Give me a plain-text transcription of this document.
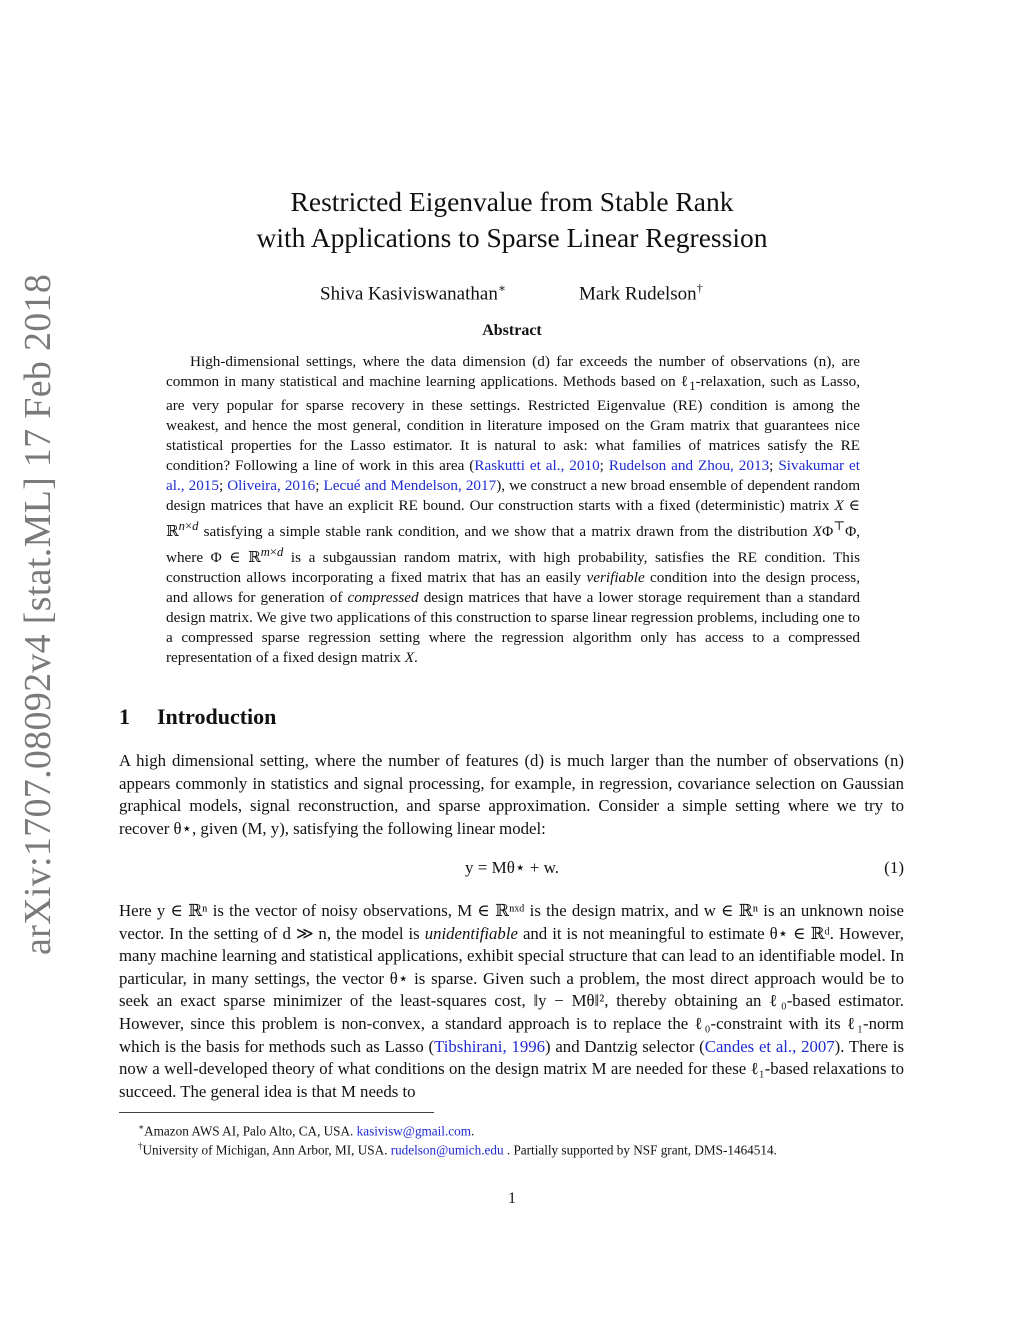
arXiv:1707.08092v4 [stat.ML] 17 Feb 2018
Restricted Eigenvalue from Stable Rank
with Applications to Sparse Linear Regression
Shiva Kasiviswanathan∗	Mark Rudelson†
Abstract

High-dimensional settings, where the data dimension (d) far exceeds the number of observations (n), are common in many statistical and machine learning applications. Methods based on ℓ$_1$-relaxation, such as Lasso, are very popular for sparse recovery in these settings. Restricted Eigenvalue (RE) condition is among the weakest, and hence the most general, condition in literature imposed on the Gram matrix that guarantees nice statistical properties for the Lasso estimator. It is natural to ask: what families of matrices satisfy the RE condition? Following a line of work in this area (Raskutti et al., 2010; Rudelson and Zhou, 2013; Sivakumar et al., 2015; Oliveira, 2016; Lecué and Mendelson, 2017), we construct a new broad ensemble of dependent random design matrices that have an explicit RE bound. Our construction starts with a fixed (deterministic) matrix X ∈ ℝ$^{n\times d}$ satisfying a simple stable rank condition, and we show that a matrix drawn from the distribution XΦ⊤Φ, where Φ ∈ ℝ$^{m\times d}$ is a subgaussian random matrix, with high probability, satisfies the RE condition. This construction allows incorporating a fixed matrix that has an easily verifiable condition into the design process, and allows for generation of compressed design matrices that have a lower storage requirement than a standard design matrix. We give two applications of this construction to sparse linear regression problems, including one to a compressed sparse regression setting where the regression algorithm only has access to a compressed representation of a fixed design matrix X.

1 Introduction

A high dimensional setting, where the number of features (d) is much larger than the number of observations (n) appears commonly in statistics and signal processing, for example, in regression, covariance selection on Gaussian graphical models, signal reconstruction, and sparse approximation. Consider a simple setting where we try to recover θ⋆, given (M, y), satisfying the following linear model:

y = Mθ⋆ + w.	(1)

Here y ∈ ℝⁿ is the vector of noisy observations, M ∈ ℝⁿˣᵈ is the design matrix, and w ∈ ℝⁿ is an unknown noise vector. In the setting of d ≫ n, the model is unidentifiable and it is not meaningful to estimate θ⋆ ∈ ℝᵈ. However, many machine learning and statistical applications, exhibit special structure that can lead to an identifiable model. In particular, in many settings, the vector θ⋆ is sparse. Given such a problem, the most direct approach would be to seek an exact sparse minimizer of the least-squares cost, ‖y − Mθ‖², thereby obtaining an ℓ₀-based estimator. However, since this problem is non-convex, a standard approach is to replace the ℓ₀-constraint with its ℓ₁-norm which is the basis for methods such as Lasso (Tibshirani, 1996) and Dantzig selector (Candes et al., 2007). There is now a well-developed theory of what conditions on the design matrix M are needed for these ℓ₁-based relaxations to succeed. The general idea is that M needs to

∗Amazon AWS AI, Palo Alto, CA, USA. kasivisw@gmail.com.
†University of Michigan, Ann Arbor, MI, USA. rudelson@umich.edu . Partially supported by NSF grant, DMS-1464514.
1
